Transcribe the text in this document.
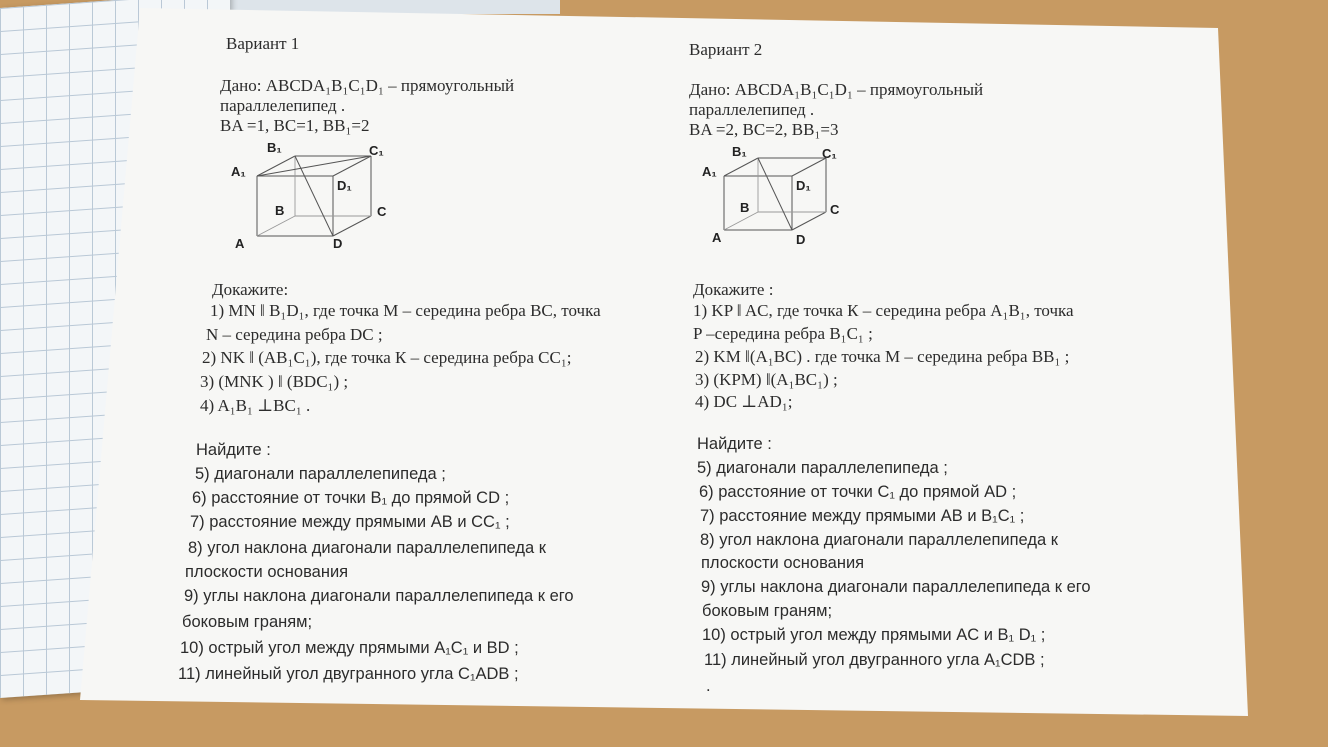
Вариант 1
Дано: ABCDA₁B₁C₁D₁ – прямоугольный
параллелепипед .
BA =1, BC=1, BB₁=2
B₁	C₁
A₁
D₁
B	C
A	D
Докажите:
1) MN ‖ B₁D₁, где точка М – середина ребра ВС, точка
N – середина ребра DC ;
2) NK ‖ (AB₁C₁), где точка К – середина ребра СС₁;
3) (MNK ) ‖ (BDC₁) ;
4) A₁B₁ ⊥BC₁ .
Найдите :
5) диагонали параллелепипеда ;
6) расстояние от точки B₁ до прямой CD ;
7) расстояние между прямыми AB и CC₁ ;
8) угол наклона диагонали параллелепипеда к
плоскости основания
9) углы наклона диагонали параллелепипеда к его
боковым граням;
10) острый угол между прямыми A₁C₁ и BD ;
11) линейный угол двугранного угла C₁ADB ;
Вариант 2
Дано: ABCDA₁B₁C₁D₁ – прямоугольный
параллелепипед .
BA =2, BC=2, BB₁=3
B₁	C₁
A₁
D₁
B	C
A	D
Докажите :
1) KP ‖ AC, где точка К – середина ребра A₁B₁, точка
P –середина ребра B₁C₁ ;
2) KM ‖(A₁BC) . где точка М – середина ребра BB₁ ;
3) (KPM) ‖(A₁BC₁) ;
4) DC ⊥AD₁;
Найдите :
5) диагонали параллелепипеда ;
6) расстояние от точки C₁ до прямой AD ;
7) расстояние между прямыми AB и B₁C₁ ;
8) угол наклона диагонали параллелепипеда к
плоскости основания
9) углы наклона диагонали параллелепипеда к его
боковым граням;
10) острый угол между прямыми AC и B₁ D₁ ;
11) линейный угол двугранного угла A₁CDB ;
.
